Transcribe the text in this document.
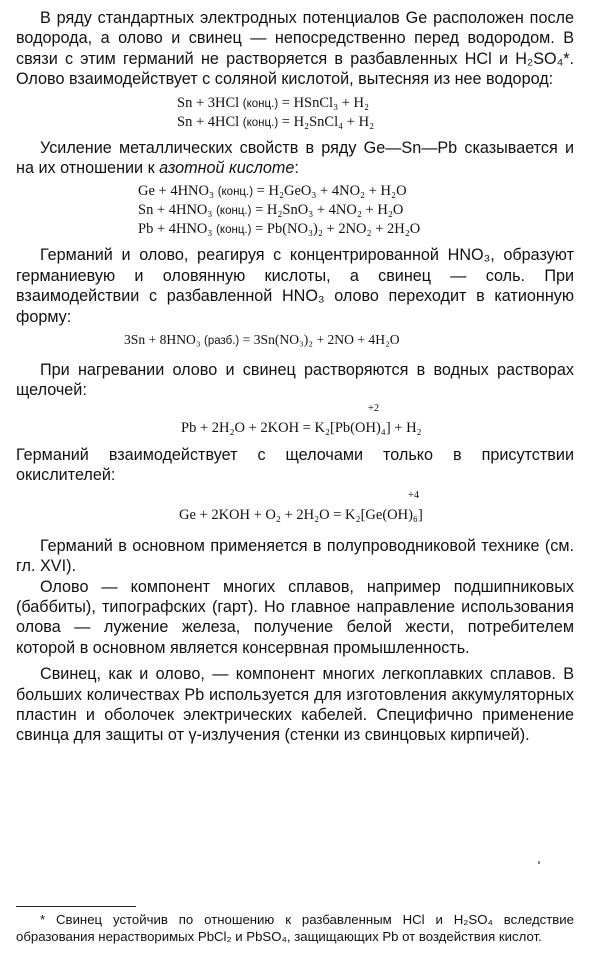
В ряду стандартных электродных потенциалов Ge расположен после водорода, а олово и свинец — непосредственно перед водородом. В связи с этим германий не растворяется в разбавленных HCl и H₂SO₄*. Олово взаимодействует с соляной кислотой, вытесняя из нее водород:

Sn + 3HCl (конц.) = HSnCl₃ + H₂
Sn + 4HCl (конц.) = H₂SnCl₄ + H₂

Усиление металлических свойств в ряду Ge—Sn—Pb сказывается и на их отношении к азотной кислоте:

Ge + 4HNO₃ (конц.) = H₂GeO₃ + 4NO₂ + H₂O
Sn + 4HNO₃ (конц.) = H₂SnO₃ + 4NO₂ + H₂O
Pb + 4HNO₃ (конц.) = Pb(NO₃)₂ + 2NO₂ + 2H₂O

Германий и олово, реагируя с концентрированной HNO₃, образуют германиевую и оловянную кислоты, а свинец — соль. При взаимодействии с разбавленной HNO₃ олово переходит в катионную форму:

3Sn + 8HNO₃ (разб.) = 3Sn(NO₃)₂ + 2NO + 4H₂O

При нагревании олово и свинец растворяются в водных растворах щелочей:

+2
Pb + 2H₂O + 2KOH = K₂[Pb(OH)₄] + H₂

Германий взаимодействует с щелочами только в присутствии окислителей:

+4
Ge + 2KOH + O₂ + 2H₂O = K₂[Ge(OH)₆]

Германий в основном применяется в полупроводниковой технике (см. гл. XVI).

Олово — компонент многих сплавов, например подшипниковых (баббиты), типографских (гарт). Но главное направление использования олова — лужение железа, получение белой жести, потребителем которой в основном является консервная промышленность.

Свинец, как и олово, — компонент многих легкоплавких сплавов. В больших количествах Pb используется для изготовления аккумуляторных пластин и оболочек электрических кабелей. Специфично применение свинца для защиты от γ-излучения (стенки из свинцовых кирпичей).

* Свинец устойчив по отношению к разбавленным HCl и H₂SO₄ вследствие образования нерастворимых PbCl₂ и PbSO₄, защищающих Pb от воздействия кислот.
